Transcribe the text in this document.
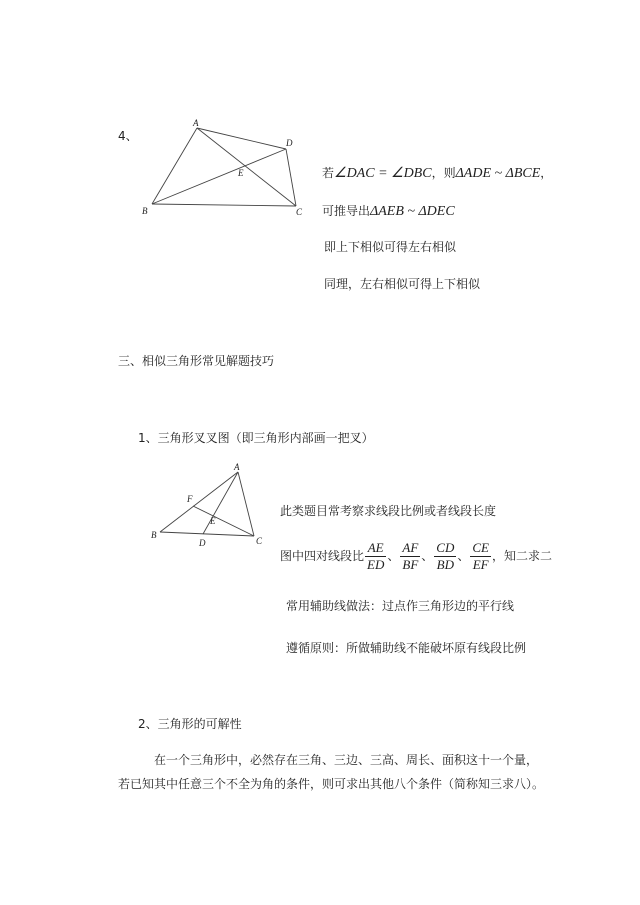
4、
A
D
E
B	C
若∠DAC = ∠DBC，则ΔADE ~ ΔBCE，
可推导出ΔAEB ~ ΔDEC
即上下相似可得左右相似
同理，左右相似可得上下相似
三、相似三角形常见解题技巧
1、三角形叉叉图（即三角形内部画一把叉）
A
F
E
B
D	C
此类题目常考察求线段比例或者线段长度
图中四对线段比 $\frac{AE}{ED}$ 、 $\frac{AF}{BF}$ 、 $\frac{CD}{BD}$ 、 $\frac{CE}{EF}$ ，知二求二
常用辅助线做法：过点作三角形边的平行线
遵循原则：所做辅助线不能破坏原有线段比例
2、三角形的可解性
在一个三角形中，必然存在三角、三边、三高、周长、面积这十一个量，若已知其中任意三个不全为角的条件，则可求出其他八个条件（简称知三求八）。
